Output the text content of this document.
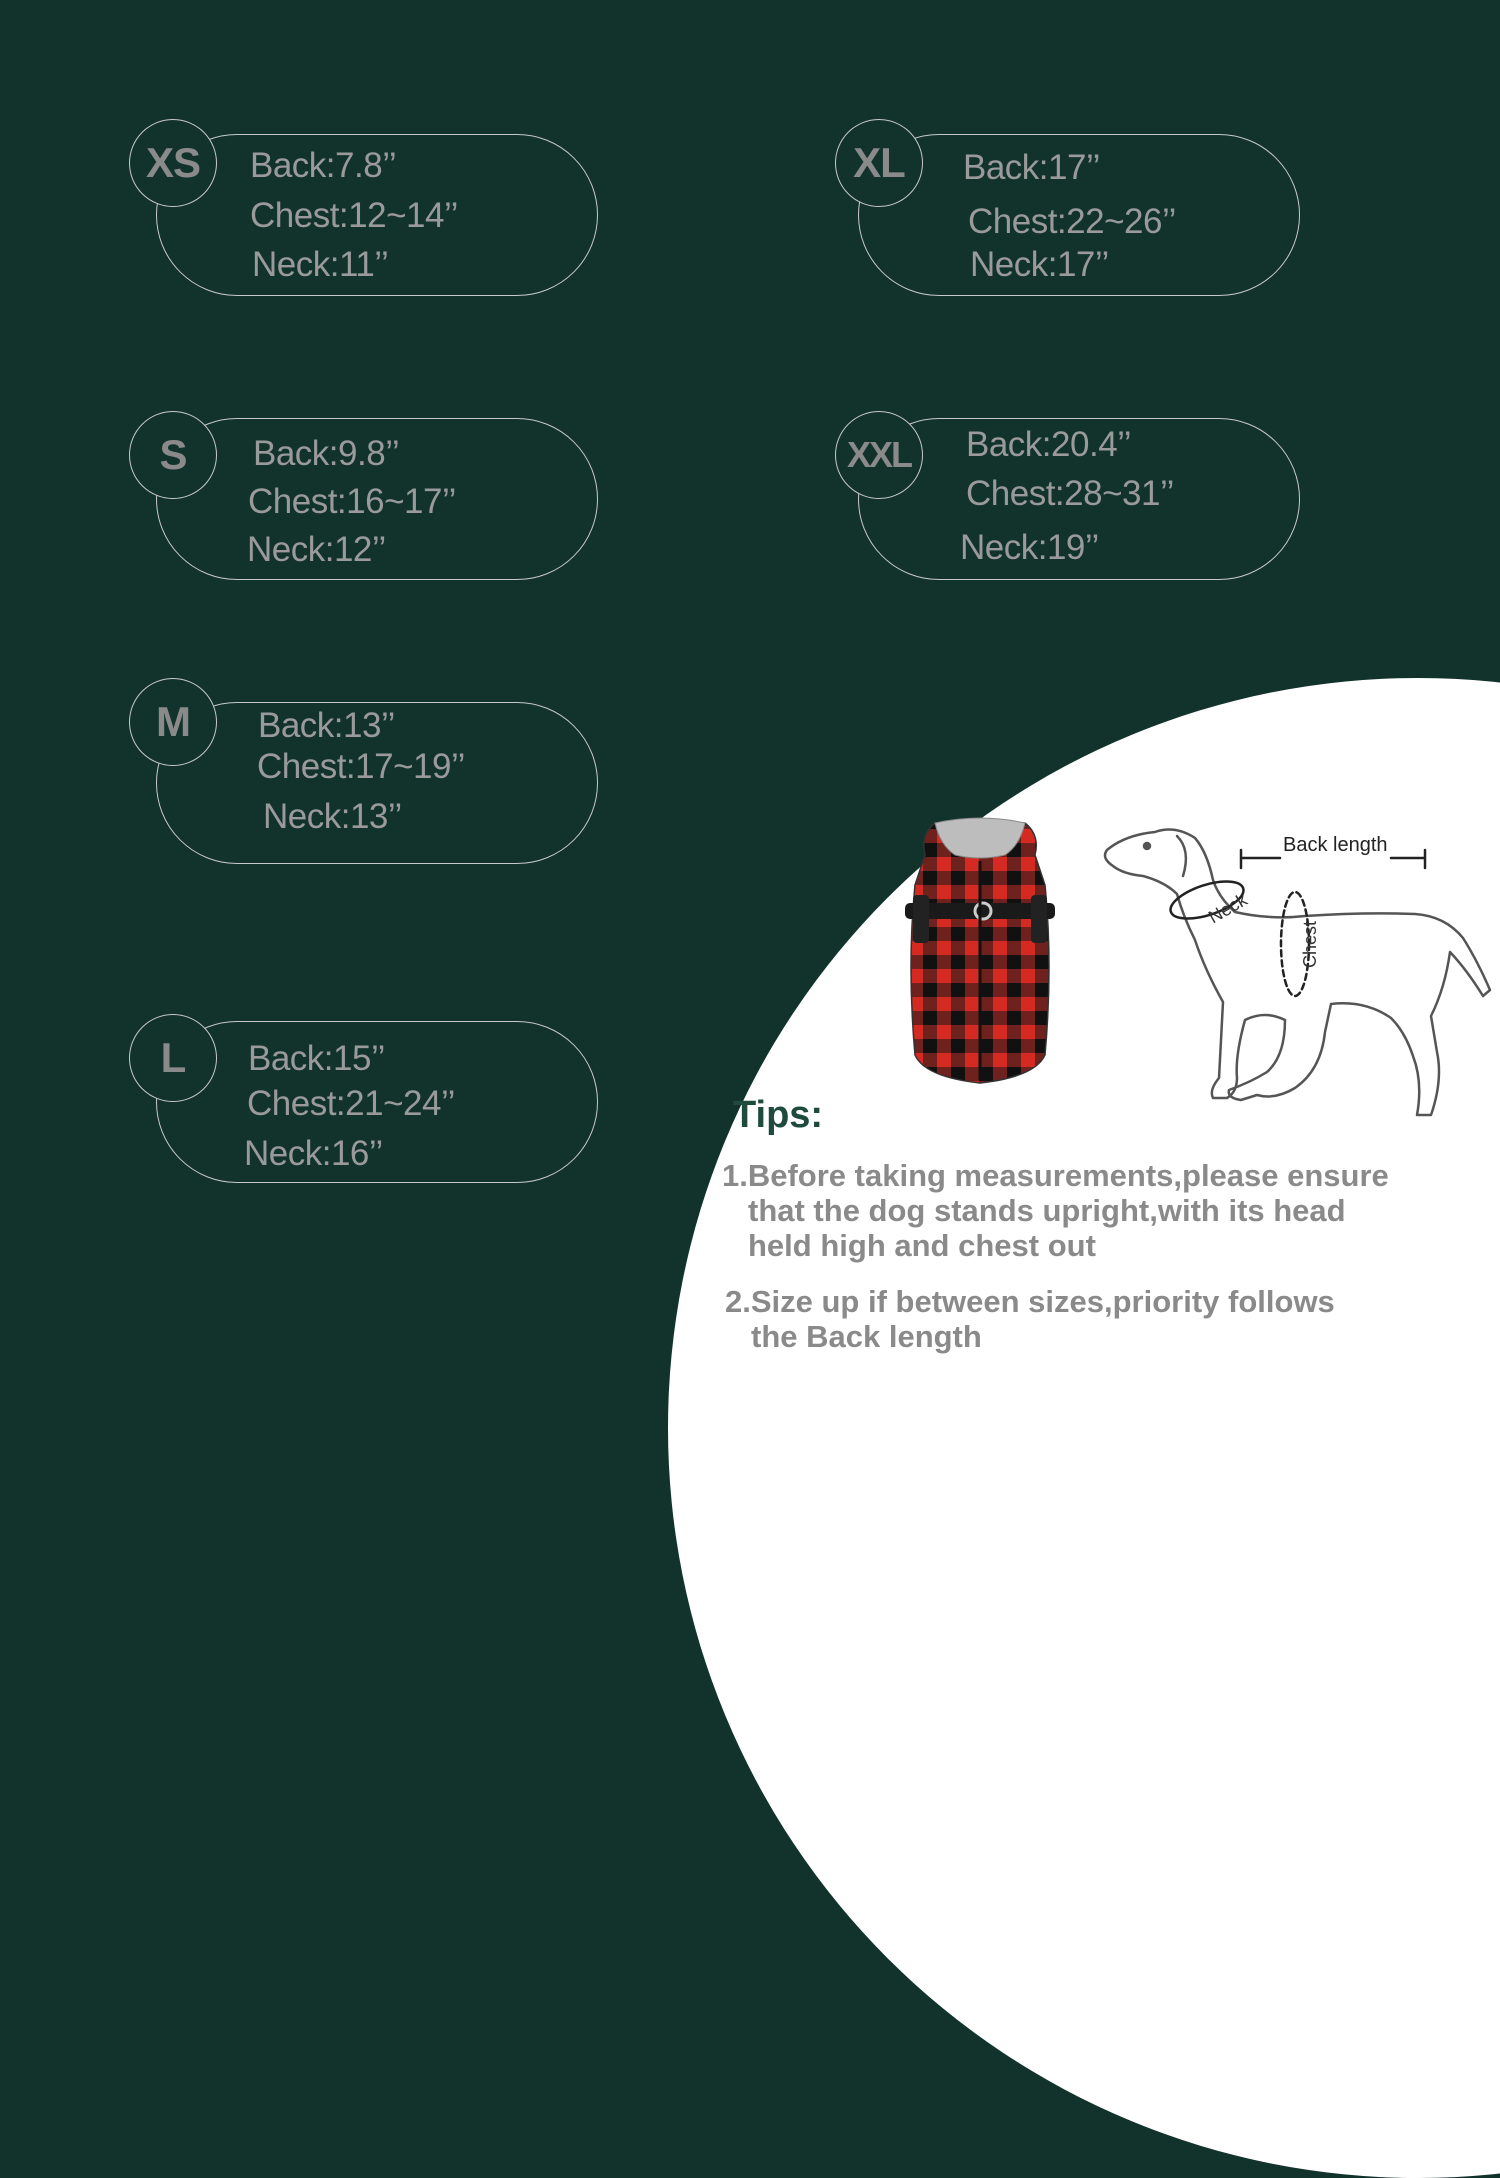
XS	Back:7.8’’
Chest:12~14’’
Neck:11’’
S	Back:9.8’’
Chest:16~17’’
Neck:12’’
M	Back:13’’
Chest:17~19’’
Neck:13’’
L	Back:15’’
Chest:21~24’’
Neck:16’’
XL	Back:17’’
Chest:22~26’’
Neck:17’’
XXL	Back:20.4’’
Chest:28~31’’
Neck:19’’
Back length
Neck
Chest
Tips:
1.Before taking measurements,please ensure
that the dog stands upright,with its head
held high and chest out
2.Size up if between sizes,priority follows
the Back length
